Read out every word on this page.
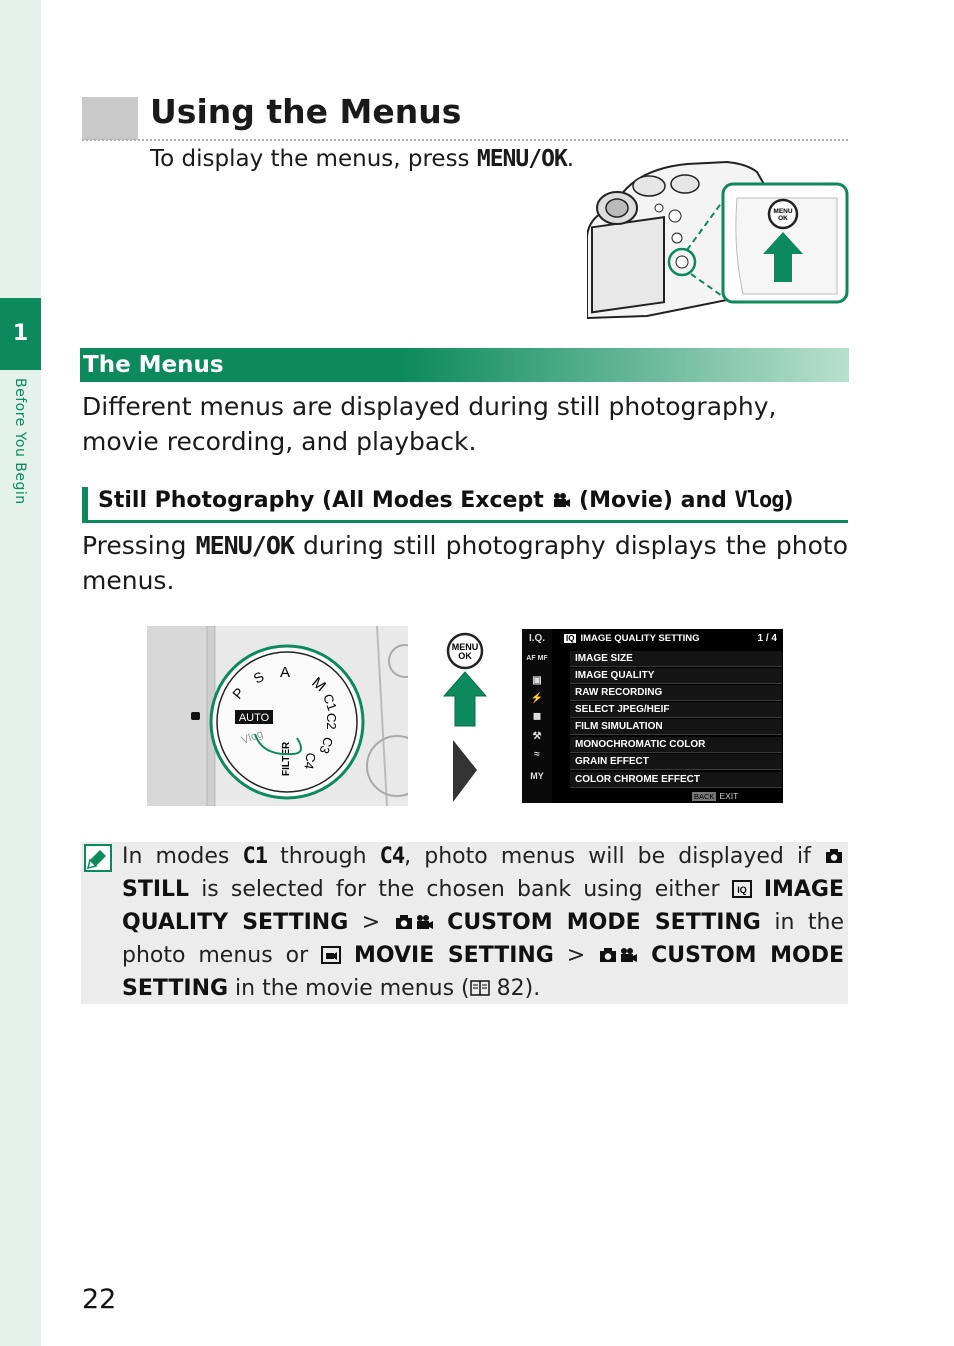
1
Before You Begin
Using the Menus
To display the menus, press MENU/OK.
MENU
OK
The Menus
Different menus are displayed during still photography, movie recording, and playback.
Still Photography (All Modes Except  (Movie) and Vlog)
Pressing MENU/OK during still photography displays the photo menus.
M
A
S
P
AUTO
C1
C2
C3
C4
FILTER
Vlog
MENU
OK
I.Q.
AF MF
▣
⚡
◼
⚒
≈
MY
IQ IMAGE QUALITY SETTING	1 / 4
IMAGE SIZE
IMAGE QUALITY
RAW RECORDING
SELECT JPEG/HEIF
FILM SIMULATION
MONOCHROMATIC COLOR
GRAIN EFFECT
COLOR CHROME EFFECT
BACK EXIT
In modes C1 through C4, photo menus will be displayed if  STILL is selected for the chosen bank using either IQ IMAGE QUALITY SETTING >  CUSTOM MODE SETTING in the photo menus or  MOVIE SETTING >  CUSTOM MODE SETTING in the movie menus ( 82).
22
